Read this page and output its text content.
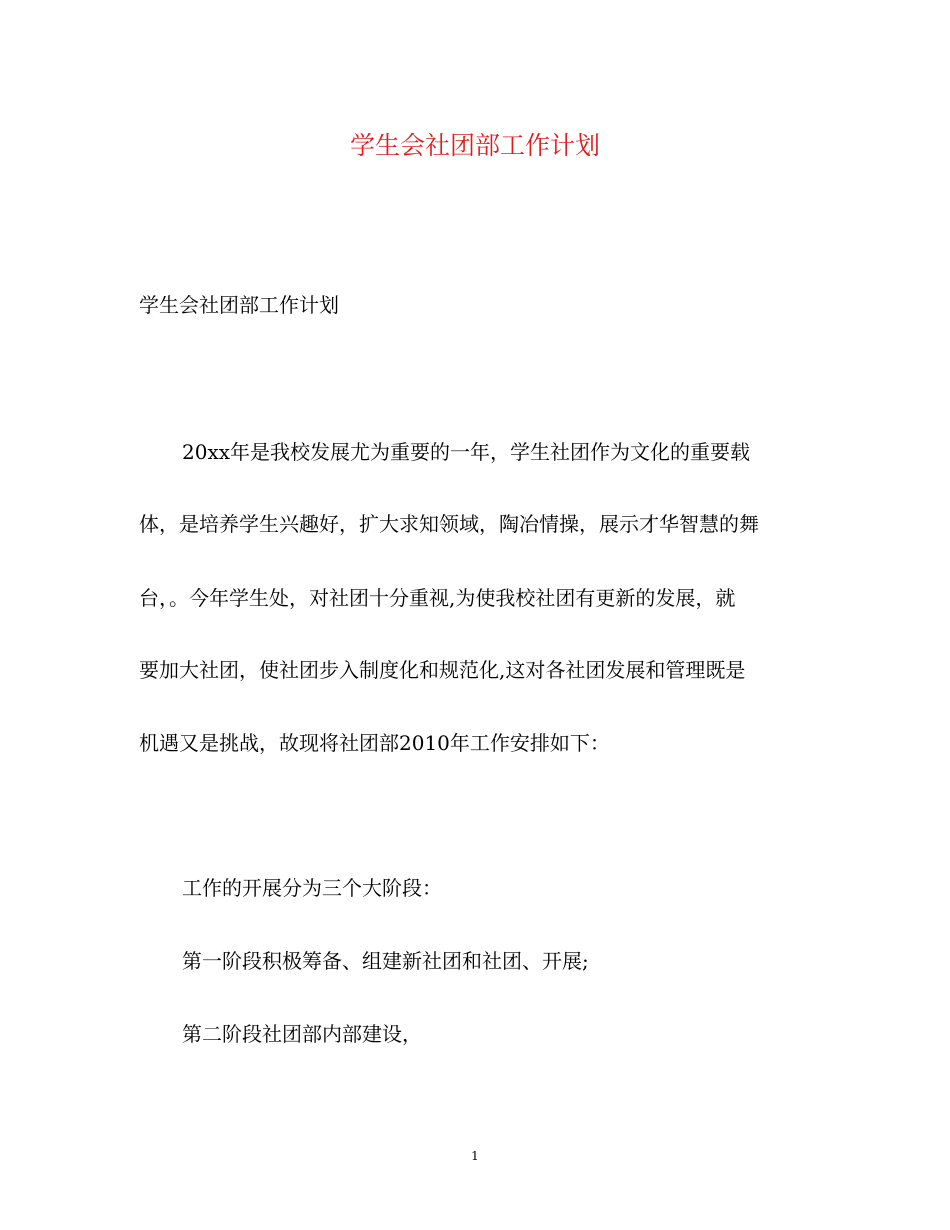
学生会社团部工作计划
学生会社团部工作计划
20xx年是我校发展尤为重要的一年，学生社团作为文化的重要载
体，是培养学生兴趣好，扩大求知领域，陶冶情操，展示才华智慧的舞
台，。今年学生处，对社团十分重视,为使我校社团有更新的发展，就
要加大社团，使社团步入制度化和规范化,这对各社团发展和管理既是
机遇又是挑战，故现将社团部2010年工作安排如下：
工作的开展分为三个大阶段：
第一阶段积极筹备、组建新社团和社团、开展;
第二阶段社团部内部建设，
1
